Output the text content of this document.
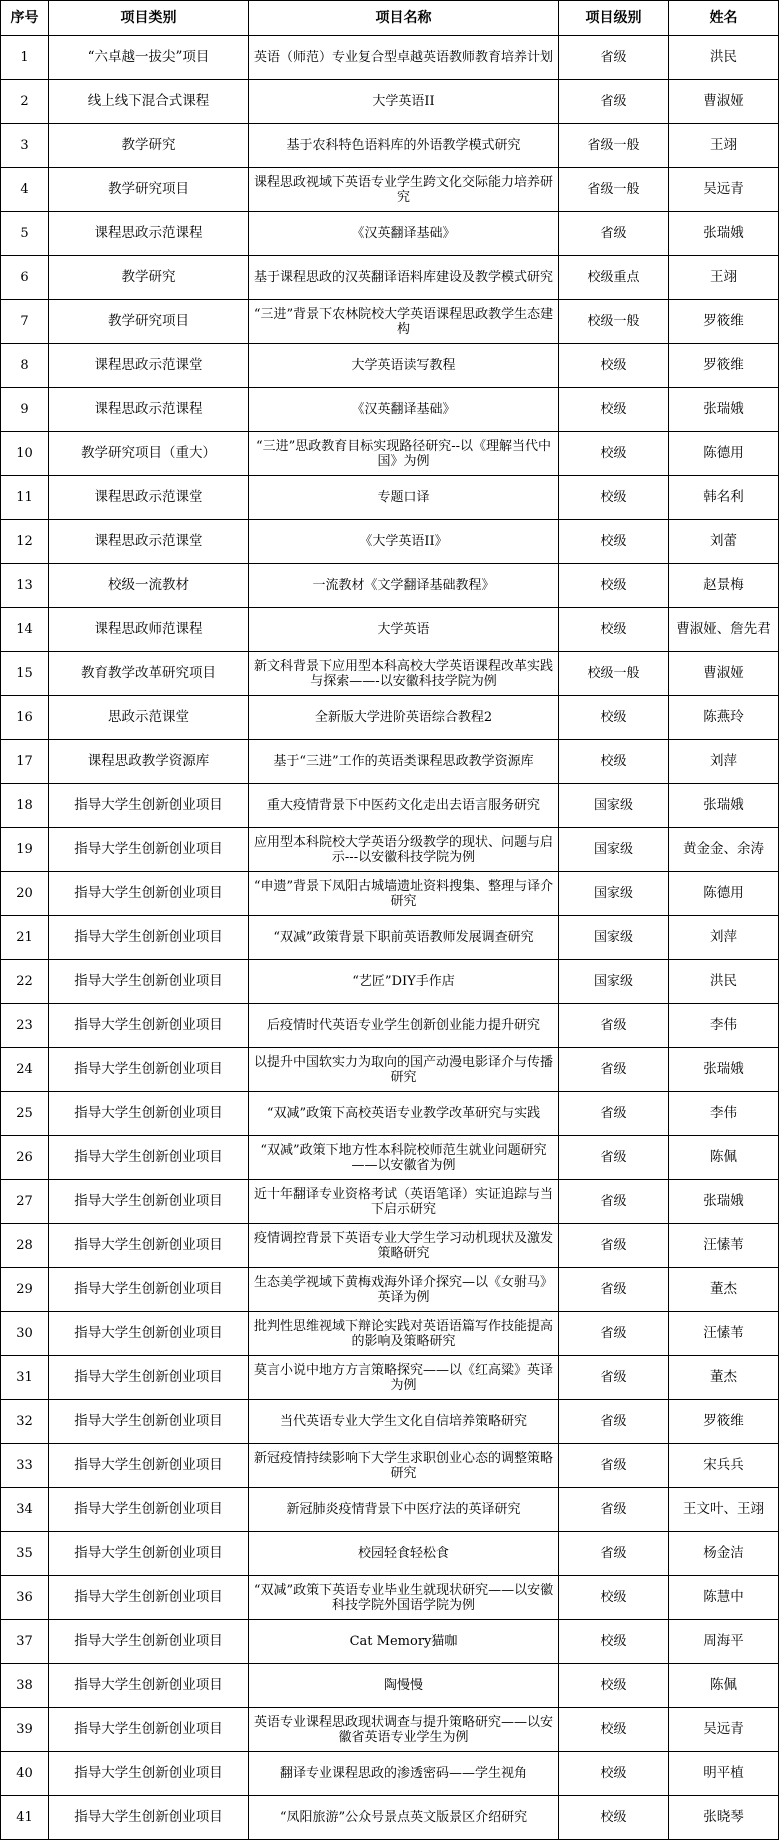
序号	项目类别	项目名称	项目级别	姓名
1	“六卓越一拔尖”项目	英语（师范）专业复合型卓越英语教师教育培养计划	省级	洪民
2	线上线下混合式课程	大学英语II	省级	曹淑娅
3	教学研究	基于农科特色语料库的外语教学模式研究	省级一般	王翊
4	教学研究项目	课程思政视域下英语专业学生跨文化交际能力培养研究	省级一般	吴远青
5	课程思政示范课程	《汉英翻译基础》	省级	张瑞娥
6	教学研究	基于课程思政的汉英翻译语料库建设及教学模式研究	校级重点	王翊
7	教学研究项目	“三进”背景下农林院校大学英语课程思政教学生态建构	校级一般	罗筱维
8	课程思政示范课堂	大学英语读写教程	校级	罗筱维
9	课程思政示范课程	《汉英翻译基础》	校级	张瑞娥
10	教学研究项目（重大）	“三进”思政教育目标实现路径研究--以《理解当代中国》为例	校级	陈德用
11	课程思政示范课堂	专题口译	校级	韩名利
12	课程思政示范课堂	《大学英语II》	校级	刘蕾
13	校级一流教材	一流教材《文学翻译基础教程》	校级	赵景梅
14	课程思政师范课程	大学英语	校级	曹淑娅、詹先君
15	教育教学改革研究项目	新文科背景下应用型本科高校大学英语课程改革实践与探索——-以安徽科技学院为例	校级一般	曹淑娅
16	思政示范课堂	全新版大学进阶英语综合教程2	校级	陈燕玲
17	课程思政教学资源库	基于“三进”工作的英语类课程思政教学资源库	校级	刘萍
18	指导大学生创新创业项目	重大疫情背景下中医药文化走出去语言服务研究	国家级	张瑞娥
19	指导大学生创新创业项目	应用型本科院校大学英语分级教学的现状、问题与启示---以安徽科技学院为例	国家级	黄金金、余涛
20	指导大学生创新创业项目	“申遗”背景下凤阳古城墙遗址资料搜集、整理与译介研究	国家级	陈德用
21	指导大学生创新创业项目	“双减”政策背景下职前英语教师发展调查研究	国家级	刘萍
22	指导大学生创新创业项目	“艺匠”DIY手作店	国家级	洪民
23	指导大学生创新创业项目	后疫情时代英语专业学生创新创业能力提升研究	省级	李伟
24	指导大学生创新创业项目	以提升中国软实力为取向的国产动漫电影译介与传播研究	省级	张瑞娥
25	指导大学生创新创业项目	“双减”政策下高校英语专业教学改革研究与实践	省级	李伟
26	指导大学生创新创业项目	“双减”政策下地方性本科院校师范生就业问题研究——以安徽省为例	省级	陈佩
27	指导大学生创新创业项目	近十年翻译专业资格考试（英语笔译）实证追踪与当下启示研究	省级	张瑞娥
28	指导大学生创新创业项目	疫情调控背景下英语专业大学生学习动机现状及激发策略研究	省级	汪愫苇
29	指导大学生创新创业项目	生态美学视域下黄梅戏海外译介探究—以《女驸马》英译为例	省级	董杰
30	指导大学生创新创业项目	批判性思维视域下辩论实践对英语语篇写作技能提高的影响及策略研究	省级	汪愫苇
31	指导大学生创新创业项目	莫言小说中地方方言策略探究——以《红高粱》英译为例	省级	董杰
32	指导大学生创新创业项目	当代英语专业大学生文化自信培养策略研究	省级	罗筱维
33	指导大学生创新创业项目	新冠疫情持续影响下大学生求职创业心态的调整策略研究	省级	宋兵兵
34	指导大学生创新创业项目	新冠肺炎疫情背景下中医疗法的英译研究	省级	王文叶、王翊
35	指导大学生创新创业项目	校园轻食轻松食	省级	杨金洁
36	指导大学生创新创业项目	“双减”政策下英语专业毕业生就现状研究——以安徽科技学院外国语学院为例	校级	陈慧中
37	指导大学生创新创业项目	Cat Memory猫咖	校级	周海平
38	指导大学生创新创业项目	陶慢慢	校级	陈佩
39	指导大学生创新创业项目	英语专业课程思政现状调查与提升策略研究——以安徽省英语专业学生为例	校级	吴远青
40	指导大学生创新创业项目	翻译专业课程思政的渗透密码——学生视角	校级	明平植
41	指导大学生创新创业项目	“凤阳旅游”公众号景点英文版景区介绍研究	校级	张晓琴
